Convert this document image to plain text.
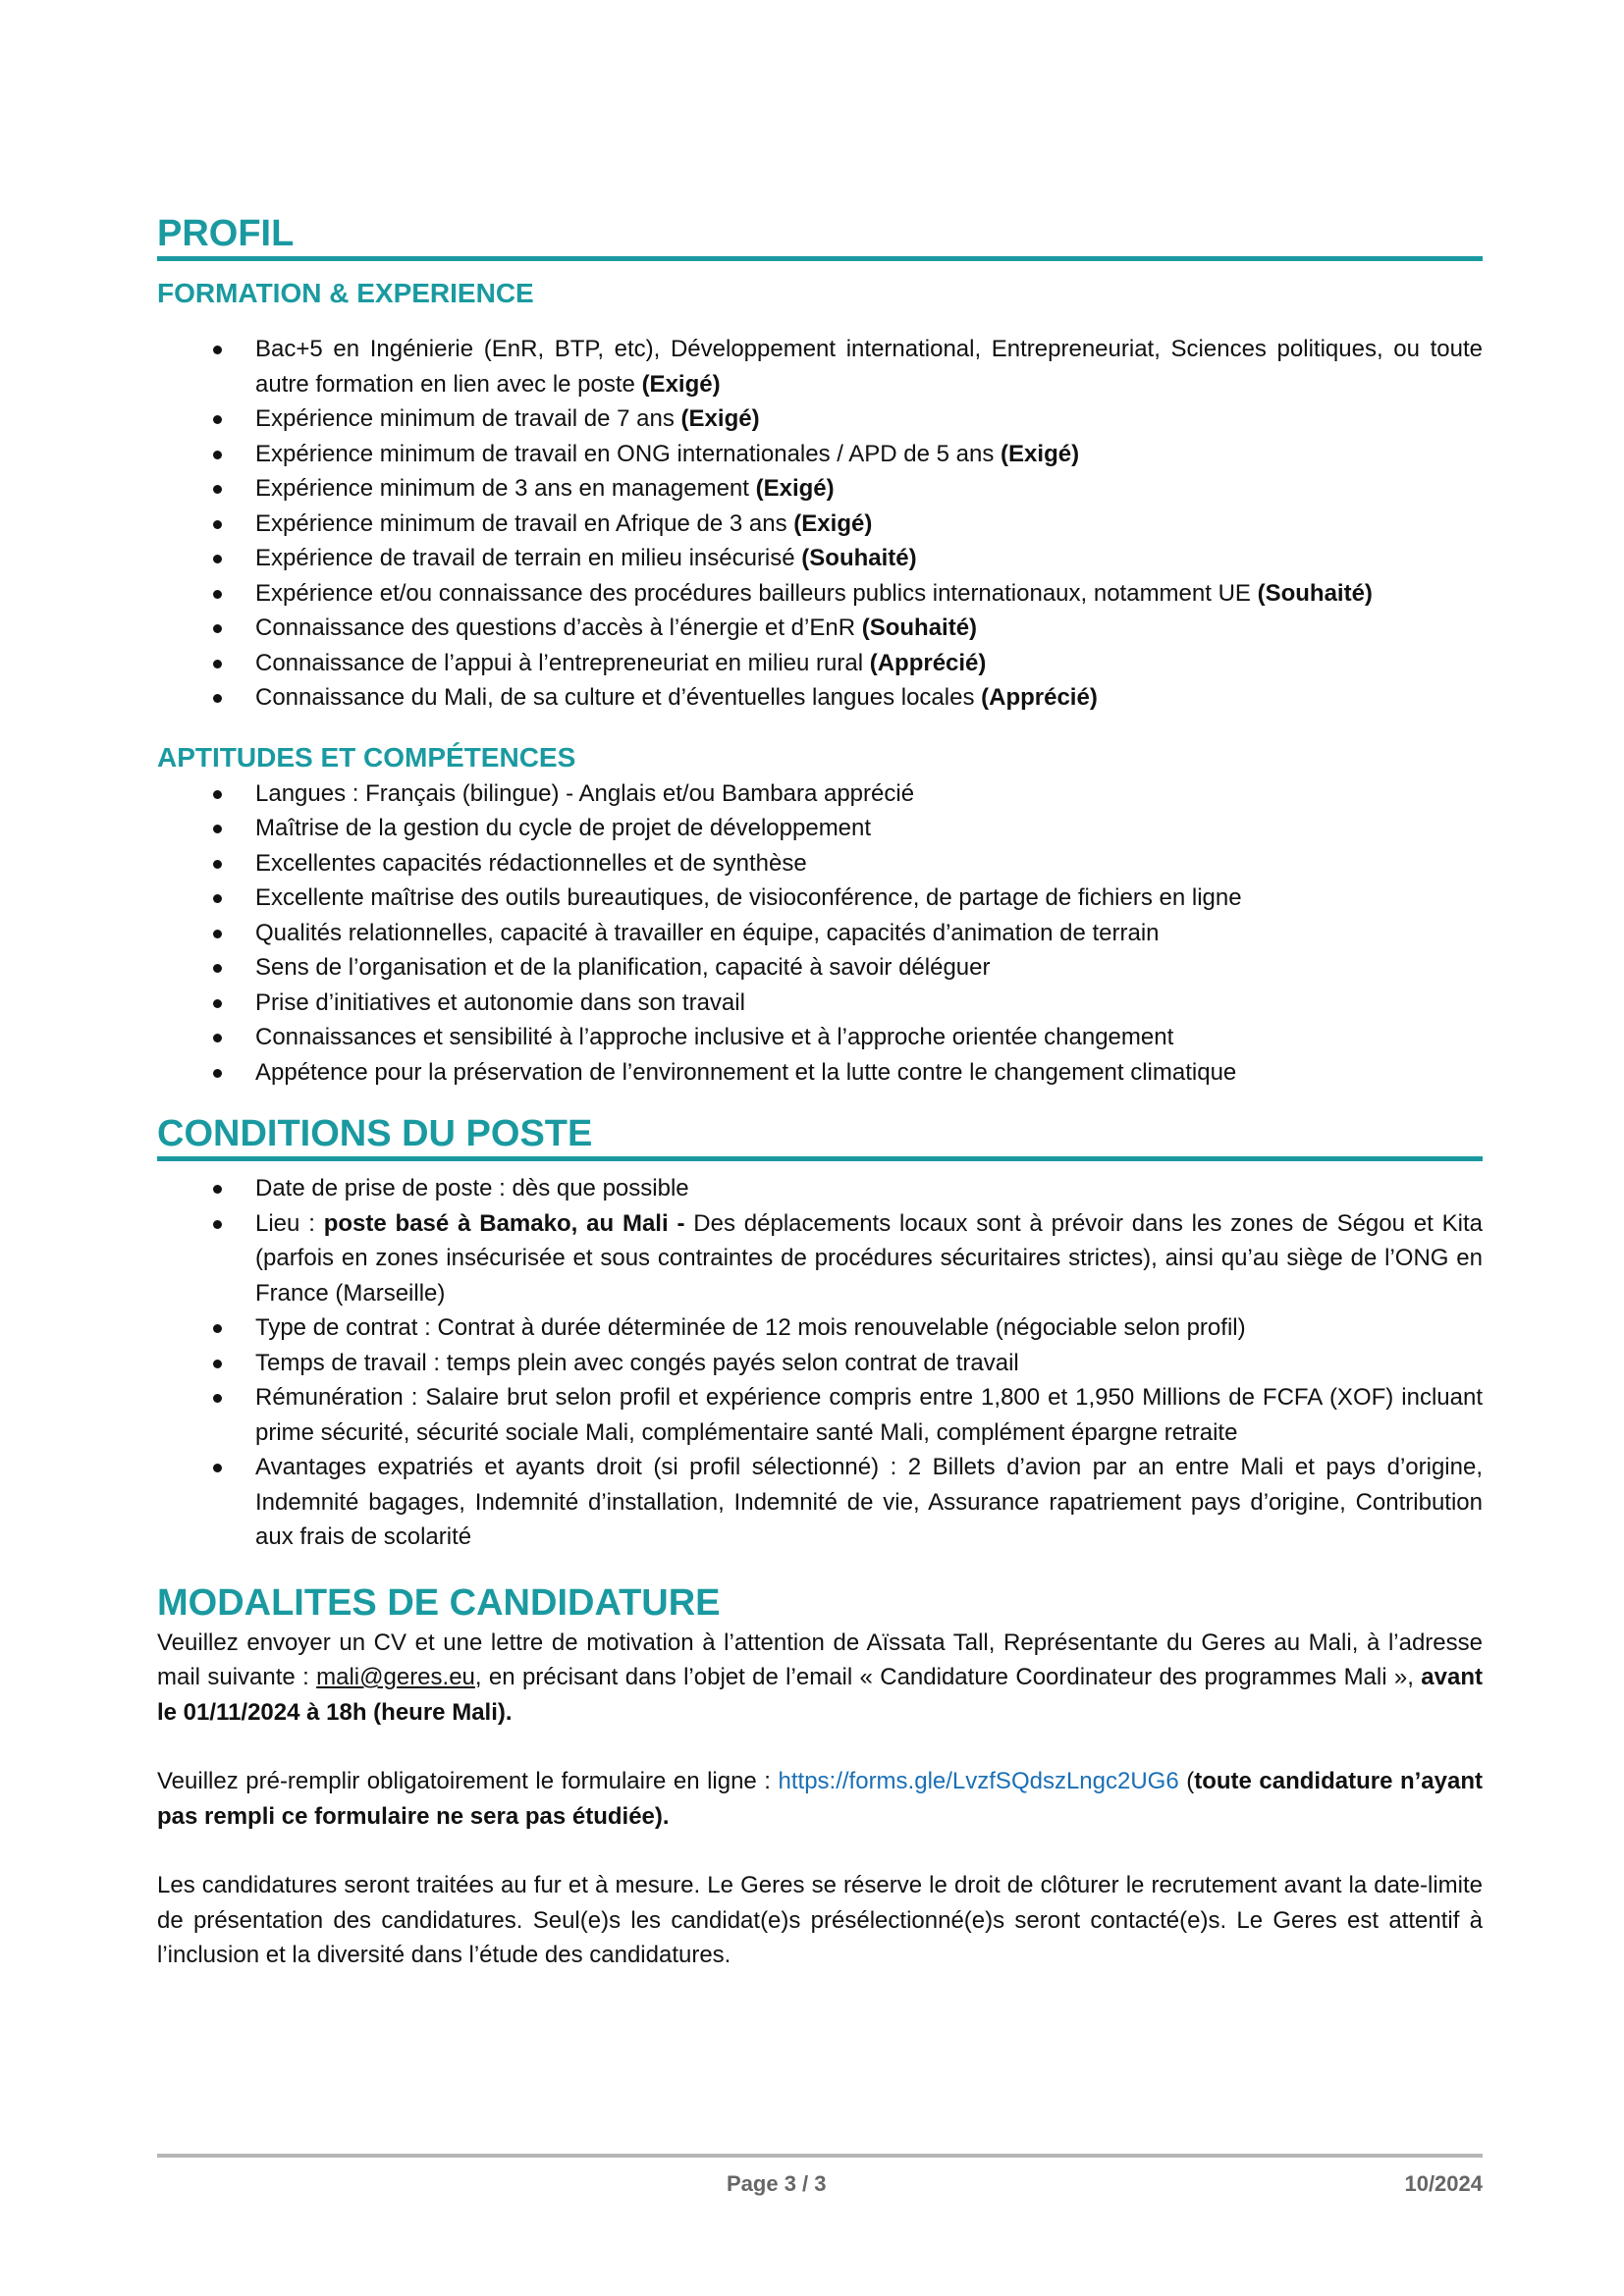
PROFIL
FORMATION & EXPERIENCE
Bac+5 en Ingénierie (EnR, BTP, etc), Développement international, Entrepreneuriat, Sciences politiques, ou toute autre formation en lien avec le poste (Exigé)
Expérience minimum de travail de 7 ans (Exigé)
Expérience minimum de travail en ONG internationales / APD de 5 ans (Exigé)
Expérience minimum de 3 ans en management (Exigé)
Expérience minimum de travail en Afrique de 3 ans (Exigé)
Expérience de travail de terrain en milieu insécurisé (Souhaité)
Expérience et/ou connaissance des procédures bailleurs publics internationaux, notamment UE (Souhaité)
Connaissance des questions d’accès à l’énergie et d’EnR (Souhaité)
Connaissance de l’appui à l’entrepreneuriat en milieu rural (Apprécié)
Connaissance du Mali, de sa culture et d’éventuelles langues locales (Apprécié)
APTITUDES ET COMPÉTENCES
Langues : Français (bilingue) - Anglais et/ou Bambara apprécié
Maîtrise de la gestion du cycle de projet de développement
Excellentes capacités rédactionnelles et de synthèse
Excellente maîtrise des outils bureautiques, de visioconférence, de partage de fichiers en ligne
Qualités relationnelles, capacité à travailler en équipe, capacités d’animation de terrain
Sens de l’organisation et de la planification, capacité à savoir déléguer
Prise d’initiatives et autonomie dans son travail
Connaissances et sensibilité à l’approche inclusive et à l’approche orientée changement
Appétence pour la préservation de l’environnement et la lutte contre le changement climatique
CONDITIONS DU POSTE
Date de prise de poste : dès que possible
Lieu : poste basé à Bamako, au Mali - Des déplacements locaux sont à prévoir dans les zones de Ségou et Kita (parfois en zones insécurisée et sous contraintes de procédures sécuritaires strictes), ainsi qu’au siège de l’ONG en France (Marseille)
Type de contrat : Contrat à durée déterminée de 12 mois renouvelable (négociable selon profil)
Temps de travail : temps plein avec congés payés selon contrat de travail
Rémunération : Salaire brut selon profil et expérience compris entre 1,800 et 1,950 Millions de FCFA (XOF) incluant prime sécurité, sécurité sociale Mali, complémentaire santé Mali, complément épargne retraite
Avantages expatriés et ayants droit (si profil sélectionné) : 2 Billets d’avion par an entre Mali et pays d’origine, Indemnité bagages, Indemnité d’installation, Indemnité de vie, Assurance rapatriement pays d’origine, Contribution aux frais de scolarité
MODALITES DE CANDIDATURE

Veuillez envoyer un CV et une lettre de motivation à l’attention de Aïssata Tall, Représentante du Geres au Mali, à l’adresse mail suivante : mali@geres.eu, en précisant dans l’objet de l’email « Candidature Coordinateur des programmes Mali », avant le 01/11/2024 à 18h (heure Mali).

Veuillez pré-remplir obligatoirement le formulaire en ligne : https://forms.gle/LvzfSQdszLngc2UG6 (toute candidature n’ayant pas rempli ce formulaire ne sera pas étudiée).

Les candidatures seront traitées au fur et à mesure. Le Geres se réserve le droit de clôturer le recrutement avant la date-limite de présentation des candidatures. Seul(e)s les candidat(e)s présélectionné(e)s seront contacté(e)s. Le Geres est attentif à l’inclusion et la diversité dans l’étude des candidatures.

Page 3 / 3	10/2024
